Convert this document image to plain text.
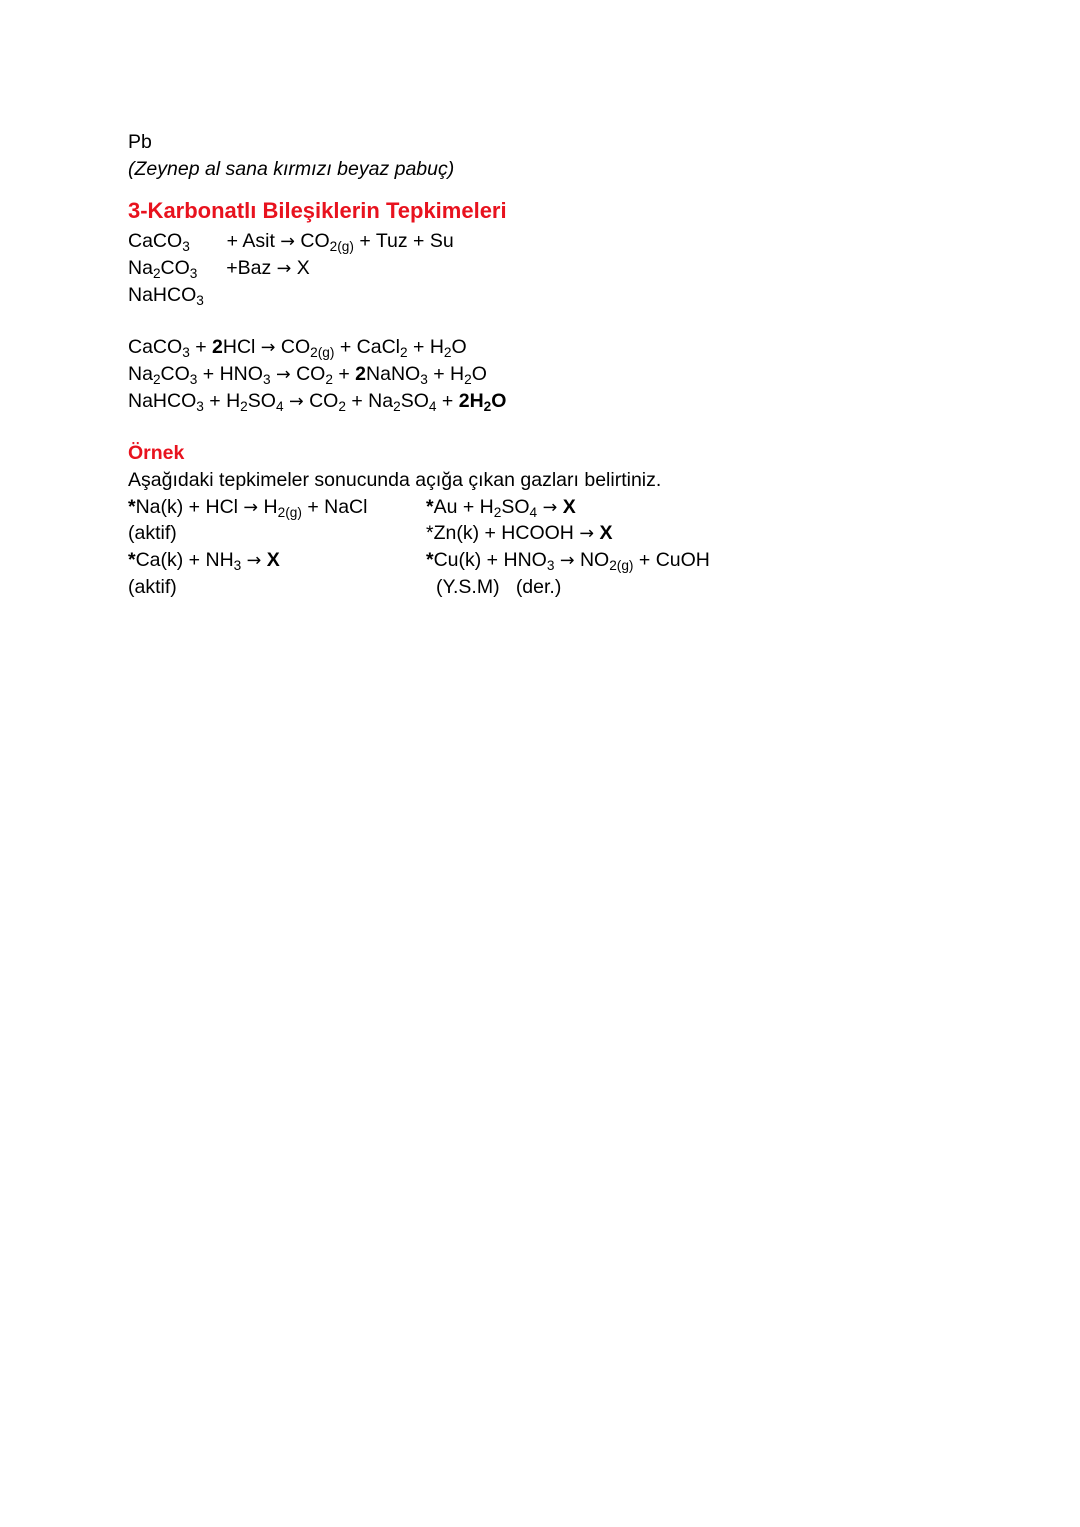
Pb
(Zeynep al sana kırmızı beyaz pabuç)
3-Karbonatlı Bileşiklerin Tepkimeleri
CaCO$_3$ + Asit → $CO_{2(g)}$ + Tuz + Su
$Na_2CO_3 +Baz \to X$
NaHCO$_3$
CaCO$_3$ + $2HCl \to CO_{2(g)}$ + CaCl$_2$ + $H_2O$
$Na_2CO_3 + HNO_3 \to CO_2$ + 2NaNO$_3$ + $H_2O$
NaHCO$_3$ + $H_2SO_4 \to CO_2 + Na_2SO_4 + 2H_2O$
Örnek
Aşağıdaki tepkimeler sonucunda açığa çıkan gazları belirtiniz.
*Na(k) + HCl → $H_{2(g)}$ + NaCl
(aktif)
$*Ca(k) + NH_3 \to X$
(aktif)
$*Au + H_2SO_4 \to X$
*Zn(k) + HCOOH → X
$*Cu(k) + HNO_3 \to NO_{2(g)}$ + CuOH
(Y.S.M)   (der.)
